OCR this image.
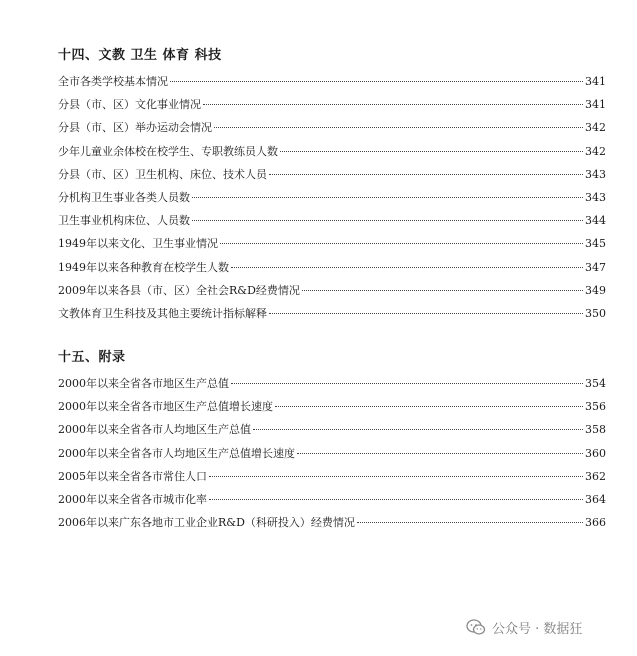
十四、文教 卫生 体育 科技
全市各类学校基本情况	341
分县（市、区）文化事业情况	341
分县（市、区）举办运动会情况	342
少年儿童业余体校在校学生、专职教练员人数	342
分县（市、区）卫生机构、床位、技术人员	343
分机构卫生事业各类人员数	343
卫生事业机构床位、人员数	344
1949年以来文化、卫生事业情况	345
1949年以来各种教育在校学生人数	347
2009年以来各县（市、区）全社会R&D经费情况	349
文教体育卫生科技及其他主要统计指标解释	350
十五、附录
2000年以来全省各市地区生产总值	354
2000年以来全省各市地区生产总值增长速度	356
2000年以来全省各市人均地区生产总值	358
2000年以来全省各市人均地区生产总值增长速度	360
2005年以来全省各市常住人口	362
2000年以来全省各市城市化率	364
2006年以来广东各地市工业企业R&D（科研投入）经费情况	366
公众号 · 数据狂
